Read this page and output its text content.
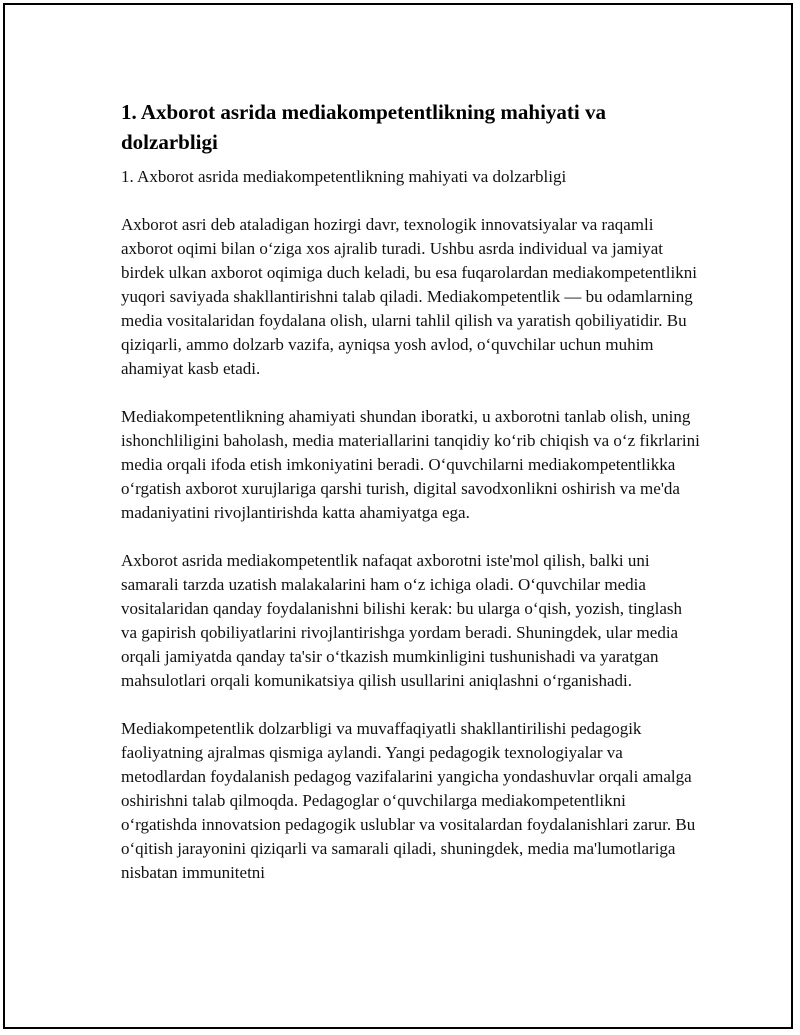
1. Axborot asrida mediakompetentlikning mahiyati va dolzarbligi

1. Axborot asrida mediakompetentlikning mahiyati va dolzarbligi

Axborot asri deb ataladigan hozirgi davr, texnologik innovatsiyalar va raqamli axborot oqimi bilan o‘ziga xos ajralib turadi. Ushbu asrda individual va jamiyat birdek ulkan axborot oqimiga duch keladi, bu esa fuqarolardan mediakompetentlikni yuqori saviyada shakllantirishni talab qiladi. Mediakompetentlik — bu odamlarning media vositalaridan foydalana olish, ularni tahlil qilish va yaratish qobiliyatidir. Bu qiziqarli, ammo dolzarb vazifa, ayniqsa yosh avlod, o‘quvchilar uchun muhim ahamiyat kasb etadi.

Mediakompetentlikning ahamiyati shundan iboratki, u axborotni tanlab olish, uning ishonchliligini baholash, media materiallarini tanqidiy ko‘rib chiqish va o‘z fikrlarini media orqali ifoda etish imkoniyatini beradi. O‘quvchilarni mediakompetentlikka o‘rgatish axborot xurujlariga qarshi turish, digital savodxonlikni oshirish va me'da madaniyatini rivojlantirishda katta ahamiyatga ega.

Axborot asrida mediakompetentlik nafaqat axborotni iste'mol qilish, balki uni samarali tarzda uzatish malakalarini ham o‘z ichiga oladi. O‘quvchilar media vositalaridan qanday foydalanishni bilishi kerak: bu ularga o‘qish, yozish, tinglash va gapirish qobiliyatlarini rivojlantirishga yordam beradi. Shuningdek, ular media orqali jamiyatda qanday ta'sir o‘tkazish mumkinligini tushunishadi va yaratgan mahsulotlari orqali komunikatsiya qilish usullarini aniqlashni o‘rganishadi.

Mediakompetentlik dolzarbligi va muvaffaqiyatli shakllantirilishi pedagogik faoliyatning ajralmas qismiga aylandi. Yangi pedagogik texnologiyalar va metodlardan foydalanish pedagog vazifalarini yangicha yondashuvlar orqali amalga oshirishni talab qilmoqda. Pedagoglar o‘quvchilarga mediakompetentlikni o‘rgatishda innovatsion pedagogik uslublar va vositalardan foydalanishlari zarur. Bu o‘qitish jarayonini qiziqarli va samarali qiladi, shuningdek, media ma'lumotlariga nisbatan immunitetni
